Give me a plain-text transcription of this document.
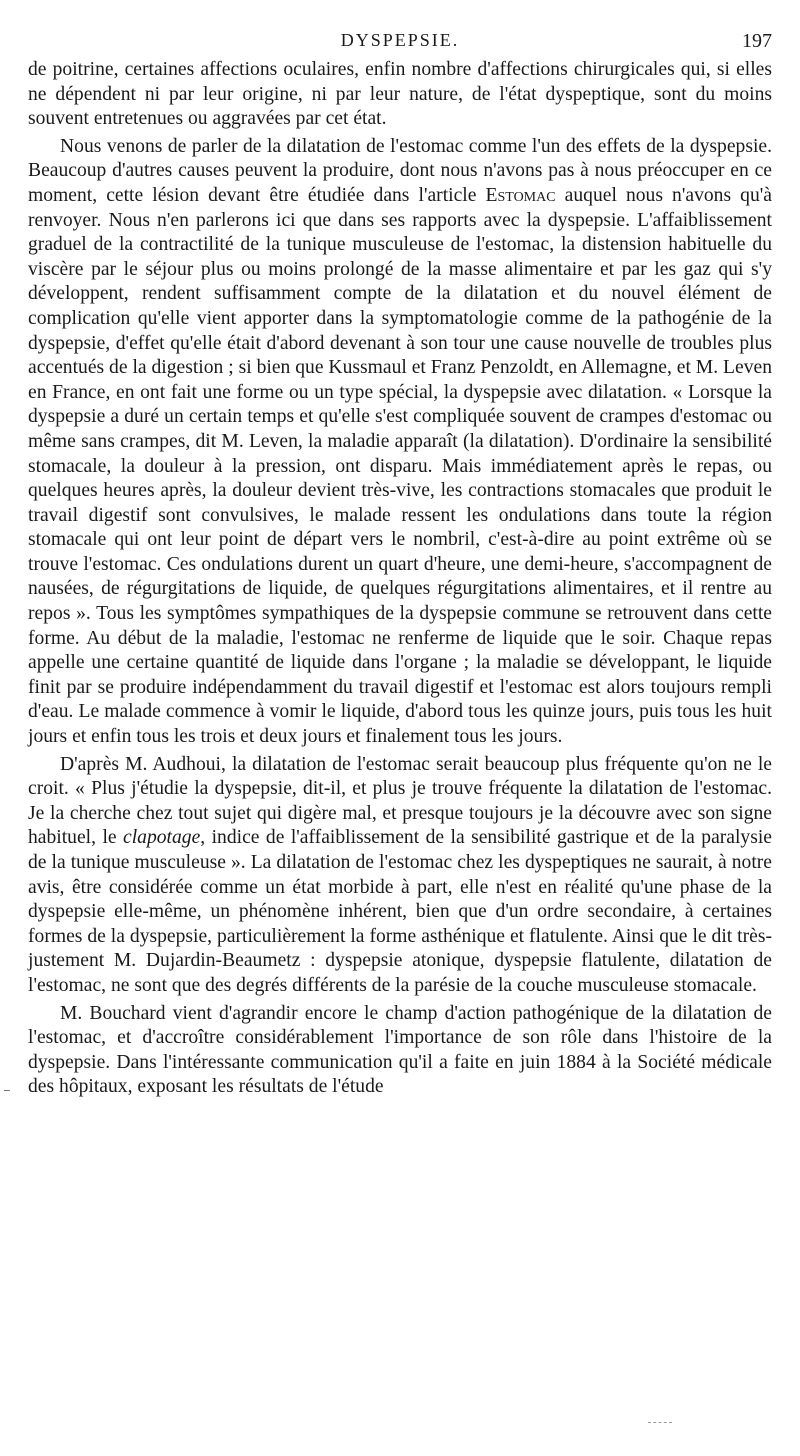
DYSPEPSIE.	197

de poitrine, certaines affections oculaires, enfin nombre d'affections chirurgicales qui, si elles ne dépendent ni par leur origine, ni par leur nature, de l'état dyspeptique, sont du moins souvent entretenues ou aggravées par cet état.

Nous venons de parler de la dilatation de l'estomac comme l'un des effets de la dyspepsie. Beaucoup d'autres causes peuvent la produire, dont nous n'avons pas à nous préoccuper en ce moment, cette lésion devant être étudiée dans l'article Estomac auquel nous n'avons qu'à renvoyer. Nous n'en parlerons ici que dans ses rapports avec la dyspepsie. L'affaiblissement graduel de la contractilité de la tunique musculeuse de l'estomac, la distension habituelle du viscère par le séjour plus ou moins prolongé de la masse alimentaire et par les gaz qui s'y développent, rendent suffisamment compte de la dilatation et du nouvel élément de complication qu'elle vient apporter dans la symptomatologie comme de la pathogénie de la dyspepsie, d'effet qu'elle était d'abord devenant à son tour une cause nouvelle de troubles plus accentués de la digestion ; si bien que Kussmaul et Franz Penzoldt, en Allemagne, et M. Leven en France, en ont fait une forme ou un type spécial, la dyspepsie avec dilatation. « Lorsque la dyspepsie a duré un certain temps et qu'elle s'est compliquée souvent de crampes d'estomac ou même sans crampes, dit M. Leven, la maladie apparaît (la dilatation). D'ordinaire la sensibilité stomacale, la douleur à la pression, ont disparu. Mais immédiatement après le repas, ou quelques heures après, la douleur devient très-vive, les contractions stomacales que produit le travail digestif sont convulsives, le malade ressent les ondulations dans toute la région stomacale qui ont leur point de départ vers le nombril, c'est-à-dire au point extrême où se trouve l'estomac. Ces ondulations durent un quart d'heure, une demi-heure, s'accompagnent de nausées, de régurgitations de liquide, de quelques régurgitations alimentaires, et il rentre au repos ». Tous les symptômes sympathiques de la dyspepsie commune se retrouvent dans cette forme. Au début de la maladie, l'estomac ne renferme de liquide que le soir. Chaque repas appelle une certaine quantité de liquide dans l'organe ; la maladie se développant, le liquide finit par se produire indépendamment du travail digestif et l'estomac est alors toujours rempli d'eau. Le malade commence à vomir le liquide, d'abord tous les quinze jours, puis tous les huit jours et enfin tous les trois et deux jours et finalement tous les jours.

D'après M. Audhoui, la dilatation de l'estomac serait beaucoup plus fréquente qu'on ne le croit. « Plus j'étudie la dyspepsie, dit-il, et plus je trouve fréquente la dilatation de l'estomac. Je la cherche chez tout sujet qui digère mal, et presque toujours je la découvre avec son signe habituel, le clapotage, indice de l'affaiblissement de la sensibilité gastrique et de la paralysie de la tunique musculeuse ». La dilatation de l'estomac chez les dyspeptiques ne saurait, à notre avis, être considérée comme un état morbide à part, elle n'est en réalité qu'une phase de la dyspepsie elle-même, un phénomène inhérent, bien que d'un ordre secondaire, à certaines formes de la dyspepsie, particulièrement la forme asthénique et flatulente. Ainsi que le dit très-justement M. Dujardin-Beaumetz : dyspepsie atonique, dyspepsie flatulente, dilatation de l'estomac, ne sont que des degrés différents de la parésie de la couche musculeuse stomacale.

M. Bouchard vient d'agrandir encore le champ d'action pathogénique de la dilatation de l'estomac, et d'accroître considérablement l'importance de son rôle dans l'histoire de la dyspepsie. Dans l'intéressante communication qu'il a faite en juin 1884 à la Société médicale des hôpitaux, exposant les résultats de l'étude
